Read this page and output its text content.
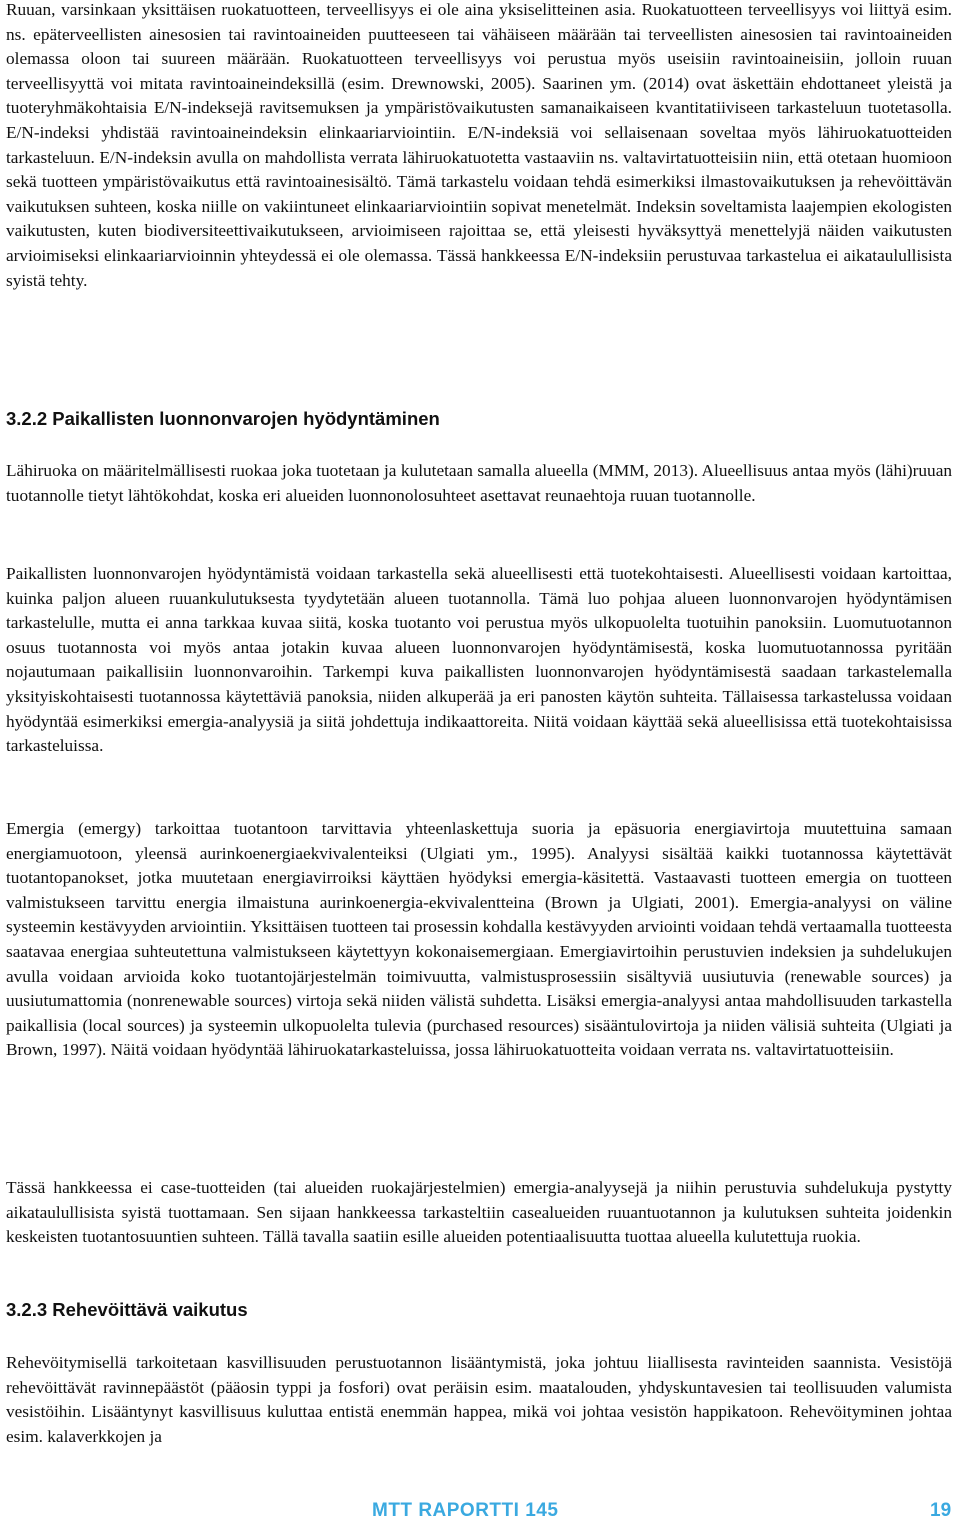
Ruuan, varsinkaan yksittäisen ruokatuotteen, terveellisyys ei ole aina yksiselitteinen asia. Ruokatuotteen terveellisyys voi liittyä esim. ns. epäterveellisten ainesosien tai ravintoaineiden puutteeseen tai vähäiseen määrään tai terveellisten ainesosien tai ravintoaineiden olemassa oloon tai suureen määrään. Ruokatuotteen terveellisyys voi perustua myös useisiin ravintoaineisiin, jolloin ruuan terveellisyyttä voi mitata ravintoaineindeksillä (esim. Drewnowski, 2005). Saarinen ym. (2014) ovat äskettäin ehdottaneet yleistä ja tuoteryhmäkohtaisia E/N-indeksejä ravitsemuksen ja ympäristövaikutusten samanaikaiseen kvantitatiiviseen tarkasteluun tuotetasolla. E/N-indeksi yhdistää ravintoaineindeksin elinkaariarviointiin. E/N-indeksiä voi sellaisenaan soveltaa myös lähiruokatuotteiden tarkasteluun. E/N-indeksin avulla on mahdollista verrata lähiruokatuotetta vastaaviin ns. valtavirtatuotteisiin niin, että otetaan huomioon sekä tuotteen ympäristövaikutus että ravintoainesisältö. Tämä tarkastelu voidaan tehdä esimerkiksi ilmastovaikutuksen ja rehevöittävän vaikutuksen suhteen, koska niille on vakiintuneet elinkaariarviointiin sopivat menetelmät. Indeksin soveltamista laajempien ekologisten vaikutusten, kuten biodiversiteettivaikutukseen, arvioimiseen rajoittaa se, että yleisesti hyväksyttyä menettelyjä näiden vaikutusten arvioimiseksi elinkaariarvioinnin yhteydessä ei ole olemassa. Tässä hankkeessa E/N-indeksiin perustuvaa tarkastelua ei aikataulullisista syistä tehty.

3.2.2 Paikallisten luonnonvarojen hyödyntäminen

Lähiruoka on määritelmällisesti ruokaa joka tuotetaan ja kulutetaan samalla alueella (MMM, 2013). Alueellisuus antaa myös (lähi)ruuan tuotannolle tietyt lähtökohdat, koska eri alueiden luonnonolosuhteet asettavat reunaehtoja ruuan tuotannolle.

Paikallisten luonnonvarojen hyödyntämistä voidaan tarkastella sekä alueellisesti että tuotekohtaisesti. Alueellisesti voidaan kartoittaa, kuinka paljon alueen ruuankulutuksesta tyydytetään alueen tuotannolla. Tämä luo pohjaa alueen luonnonvarojen hyödyntämisen tarkastelulle, mutta ei anna tarkkaa kuvaa siitä, koska tuotanto voi perustua myös ulkopuolelta tuotuihin panoksiin. Luomutuotannon osuus tuotannosta voi myös antaa jotakin kuvaa alueen luonnonvarojen hyödyntämisestä, koska luomutuotannossa pyritään nojautumaan paikallisiin luonnonvaroihin. Tarkempi kuva paikallisten luonnonvarojen hyödyntämisestä saadaan tarkastelemalla yksityiskohtaisesti tuotannossa käytettäviä panoksia, niiden alkuperää ja eri panosten käytön suhteita. Tällaisessa tarkastelussa voidaan hyödyntää esimerkiksi emergia-analyysiä ja siitä johdettuja indikaattoreita. Niitä voidaan käyttää sekä alueellisissa että tuotekohtaisissa tarkasteluissa.

Emergia (emergy) tarkoittaa tuotantoon tarvittavia yhteenlaskettuja suoria ja epäsuoria energiavirtoja muutettuina samaan energiamuotoon, yleensä aurinkoenergiaekvivalenteiksi (Ulgiati ym., 1995). Analyysi sisältää kaikki tuotannossa käytettävät tuotantopanokset, jotka muutetaan energiavirroiksi käyttäen hyödyksi emergia-käsitettä. Vastaavasti tuotteen emergia on tuotteen valmistukseen tarvittu energia ilmaistuna aurinkoenergia-ekvivalentteina (Brown ja Ulgiati, 2001). Emergia-analyysi on väline systeemin kestävyyden arviointiin. Yksittäisen tuotteen tai prosessin kohdalla kestävyyden arviointi voidaan tehdä vertaamalla tuotteesta saatavaa energiaa suhteutettuna valmistukseen käytettyyn kokonaisemergiaan. Emergiavirtoihin perustuvien indeksien ja suhdelukujen avulla voidaan arvioida koko tuotantojärjestelmän toimivuutta, valmistusprosessiin sisältyviä uusiutuvia (renewable sources) ja uusiutumattomia (nonrenewable sources) virtoja sekä niiden välistä suhdetta. Lisäksi emergia-analyysi antaa mahdollisuuden tarkastella paikallisia (local sources) ja systeemin ulkopuolelta tulevia (purchased resources) sisääntulovirtoja ja niiden välisiä suhteita (Ulgiati ja Brown, 1997). Näitä voidaan hyödyntää lähiruokatarkasteluissa, jossa lähiruokatuotteita voidaan verrata ns. valtavirtatuotteisiin.

Tässä hankkeessa ei case-tuotteiden (tai alueiden ruokajärjestelmien) emergia-analyysejä ja niihin perustuvia suhdelukuja pystytty aikataulullisista syistä tuottamaan. Sen sijaan hankkeessa tarkasteltiin casealueiden ruuantuotannon ja kulutuksen suhteita joidenkin keskeisten tuotantosuuntien suhteen. Tällä tavalla saatiin esille alueiden potentiaalisuutta tuottaa alueella kulutettuja ruokia.

3.2.3 Rehevöittävä vaikutus

Rehevöitymisellä tarkoitetaan kasvillisuuden perustuotannon lisääntymistä, joka johtuu liiallisesta ravinteiden saannista. Vesistöjä rehevöittävät ravinnepäästöt (pääosin typpi ja fosfori) ovat peräisin esim. maatalouden, yhdyskuntavesien tai teollisuuden valumista vesistöihin. Lisääntynyt kasvillisuus kuluttaa entistä enemmän happea, mikä voi johtaa vesistön happikatoon. Rehevöityminen johtaa esim. kalaverkkojen ja

MTT RAPORTTI 145	19
